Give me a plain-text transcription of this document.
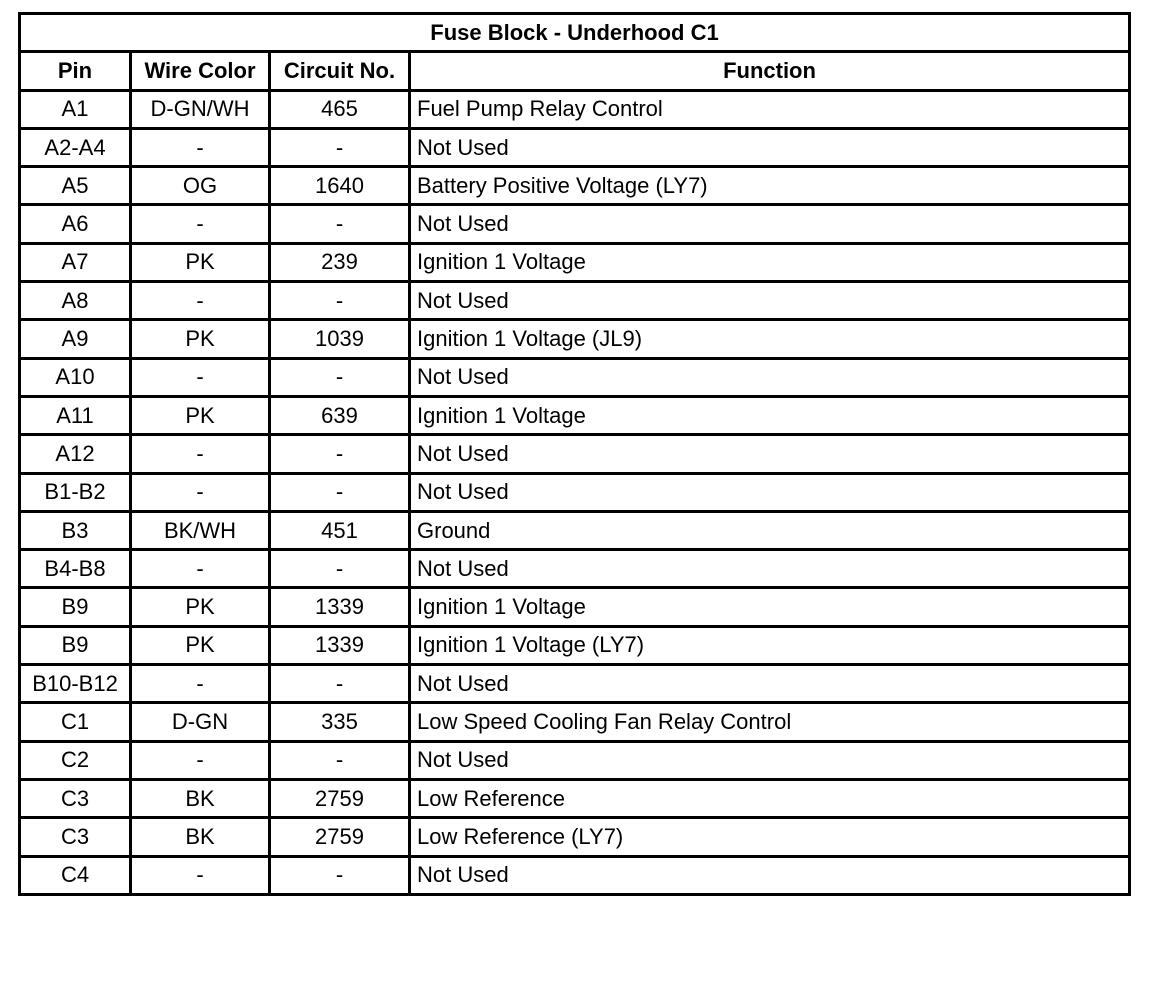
Fuse Block - Underhood C1			
Pin	Wire Color	Circuit No.	Function
A1	D-GN/WH	465	Fuel Pump Relay Control
A2-A4	-	-	Not Used
A5	OG	1640	Battery Positive Voltage (LY7)
A6	-	-	Not Used
A7	PK	239	Ignition 1 Voltage
A8	-	-	Not Used
A9	PK	1039	Ignition 1 Voltage (JL9)
A10	-	-	Not Used
A11	PK	639	Ignition 1 Voltage
A12	-	-	Not Used
B1-B2	-	-	Not Used
B3	BK/WH	451	Ground
B4-B8	-	-	Not Used
B9	PK	1339	Ignition 1 Voltage
B9	PK	1339	Ignition 1 Voltage (LY7)
B10-B12	-	-	Not Used
C1	D-GN	335	Low Speed Cooling Fan Relay Control
C2	-	-	Not Used
C3	BK	2759	Low Reference
C3	BK	2759	Low Reference (LY7)
C4	-	-	Not Used
